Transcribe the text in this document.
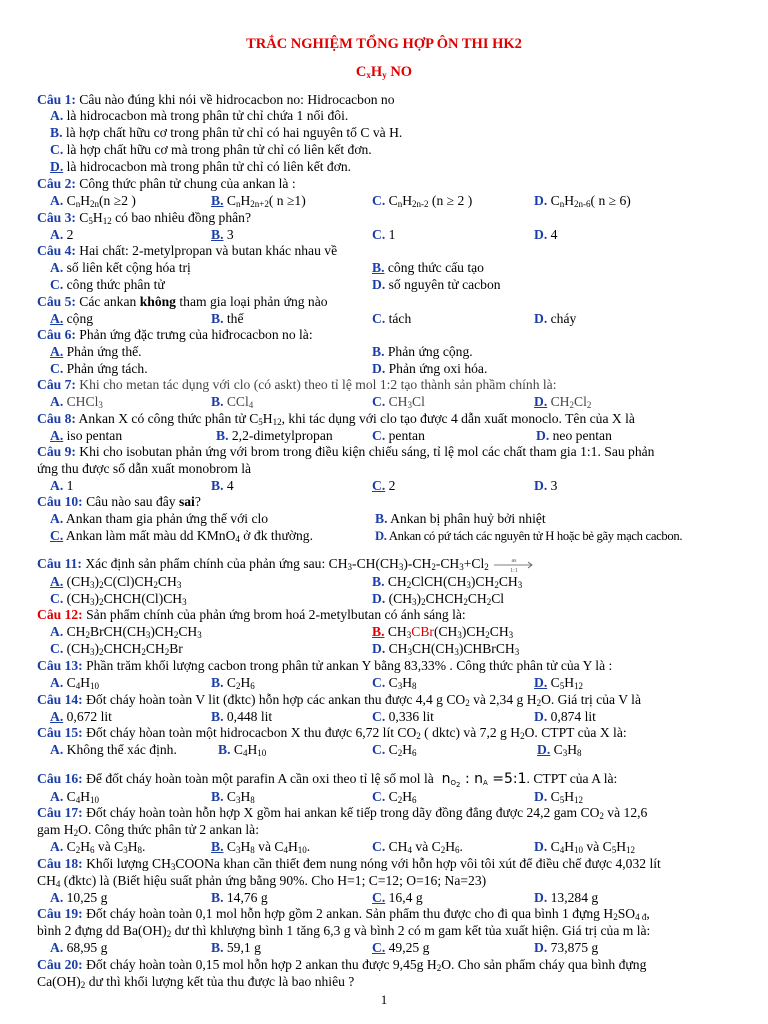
TRẮC NGHIỆM TỔNG HỢP ÔN THI HK2
$C_xH_y$ NO
Câu 1: Câu nào đúng khi nói về hidrocacbon no: Hidrocacbon no
A. là hidrocacbon mà trong phân tử chỉ chứa 1 nối đôi.
B. là hợp chất hữu cơ trong phân tử chỉ có hai nguyên tố C và H.
C. là hợp chất hữu cơ mà trong phân tử chỉ có liên kết đơn.
D. là hidrocacbon mà trong phân tử chỉ có liên kết đơn.
Câu 2: Công thức phân tử chung của ankan là :
A. $C_nH_{2n}(n \ge 2$ )	B. $C_nH_{2n+2}$( n ≥1)	C. $C_nH_{2n-2}$ (n ≥ 2 )	D. $C_nH_{2n-6}$( n ≥ 6)
Câu 3: $C_5H_{12}$ có bao nhiêu đồng phân?
A. 2	B. 3	C. 1	D. 4
Câu 4: Hai chất: 2-metylpropan và butan khác nhau về
A. số liên kết cộng hóa trị	B. công thức cấu tạo
C. công thức phân tử	D. số nguyên tử cacbon
Câu 5: Các ankan không tham gia loại phản ứng nào
A. cộng	B. thế	C. tách	D. cháy
Câu 6: Phản ứng đặc trưng của hiđrocacbon no là:
A. Phản ứng thế.	B. Phản ứng cộng.
C. Phản ứng tách.	D. Phản ứng oxi hóa.
Câu 7: Khi cho metan tác dụng với clo (có askt) theo tỉ lệ mol 1:2 tạo thành sản phầm chính là:
A. CHCl$_3$	B. CCl$_4$	C. $CH_3Cl$	D. $CH_2Cl_2$
Câu 8: Ankan X có công thức phân tử $C_5H_{12}$, khi tác dụng với clo tạo được 4 dẫn xuất monoclo. Tên của X là
A. iso pentan	B. 2,2-dimetylpropan	C. pentan	D. neo pentan
Câu 9: Khi cho isobutan phản ứng với brom trong điều kiện chiếu sáng, tỉ lệ mol các chất tham gia 1:1. Sau phản
ứng thu được số dẫn xuất monobrom là
A. 1	B. 4	C. 2	D. 3
Câu 10: Câu nào sau đây sai?
A. Ankan tham gia phản ứng thế với clo	B. Ankan bị phân huỷ bởi nhiệt
C. Ankan làm mất màu dd KMnO$_4$ ở đk thường.	D. Ankan có pứ tách các nguyên tử H hoặc bẻ gãy mạch cacbon.
Câu 11: Xác định sản phẩm chính của phản ứng sau: $CH_3-CH(CH_3)-CH_2-CH_3+Cl_2$
as
1:1
A. $(CH_3)_2C(Cl)CH_2CH_3$	B. $CH_2ClCH(CH_3)CH_2CH_3$
C. $(CH_3)_2CHCH(Cl)CH_3$	D. $(CH_3)_2CHCH_2CH_2Cl$
Câu 12: Sản phẩm chính của phản ứng brom hoá 2-metylbutan có ánh sáng là:
A. $CH_2BrCH(CH_3)CH_2CH_3$	B. $CH_3CBr(CH_3)CH_2CH_3$
C. $(CH_3)_2CHCH_2CH_2Br$	D. $CH_3CH(CH_3)CHBrCH_3$
Câu 13: Phần trăm khối lượng cacbon trong phân tử ankan Y bằng 83,33% . Công thức phân tử của Y là :
A. $C_4H_{10}$	B. $C_2H_6$	C. $C_3H_8$	D. $C_5H_{12}$
Câu 14: Đốt cháy hoàn toàn V lit (đktc) hỗn hợp các ankan thu được 4,4 g $CO_2$ và 2,34 g $H_2O$. Giá trị của V là
A. 0,672 lit	B. 0,448 lit	C. 0,336 lit	D. 0,874 lit
Câu 15: Đốt cháy hòan toàn một hidrocacbon X thu được 6,72 lít $CO_2$ ( dktc) và 7,2 g $H_2O$. CTPT của X là:
A. Không thể xác định.	B. $C_4H_{10}$	C. $C_2H_6$	D. $C_3H_8$
Câu 16: Để đốt cháy hoàn toàn một parafin A cần oxi theo tỉ lệ số mol là  $n_{O_2}$ : $n_A$ =5:1. CTPT của A là:
A. $C_4H_{10}$	B. $C_3H_8$	C. $C_2H_6$	D. $C_5H_{12}$
Câu 17: Đốt cháy hoàn toàn hỗn hợp X gồm hai ankan kế tiếp trong dãy đồng đẳng được 24,2 gam $CO_2$ và 12,6
gam $H_2O$. Công thức phân tử 2 ankan là:
A. $C_2H_6$ và $C_3H_8$.	B. $C_3H_8$ và $C_4H_{10}$.	C. $CH_4$ và $C_2H_6$.	D. $C_4H_{10}$ và $C_5H_{12}$
Câu 18: Khối lượng $CH_3COONa$ khan cần thiết đem nung nóng với hỗn hợp vôi tôi xút để điều chế được 4,032 lít
$CH_4$ (đktc) là (Biết hiệu suất phản ứng bằng 90%. Cho H=1; C=12; O=16; Na=23)
A. 10,25 g	B. 14,76 g	C. 16,4 g	D. 13,284 g
Câu 19: Đốt cháy hoàn toàn 0,1 mol hỗn hợp gồm 2 ankan. Sản phẩm thu được cho đi qua bình 1 đựng $H_2SO_{4 đ}$,
bình 2 đựng dd $Ba(OH)_2$ dư thì khlượng bình 1 tăng 6,3 g và bình 2 có m gam kết tủa xuất hiện. Giá trị của m là:
A. 68,95 g	B. 59,1 g	C. 49,25 g	D. 73,875 g
Câu 20: Đốt cháy hoàn toàn 0,15 mol hỗn hợp 2 ankan thu được 9,45g $H_2O$. Cho sản phẩm cháy qua bình đựng
$Ca(OH)_2$ dư thì khối lượng kết tủa thu được là bao nhiêu ?
1
